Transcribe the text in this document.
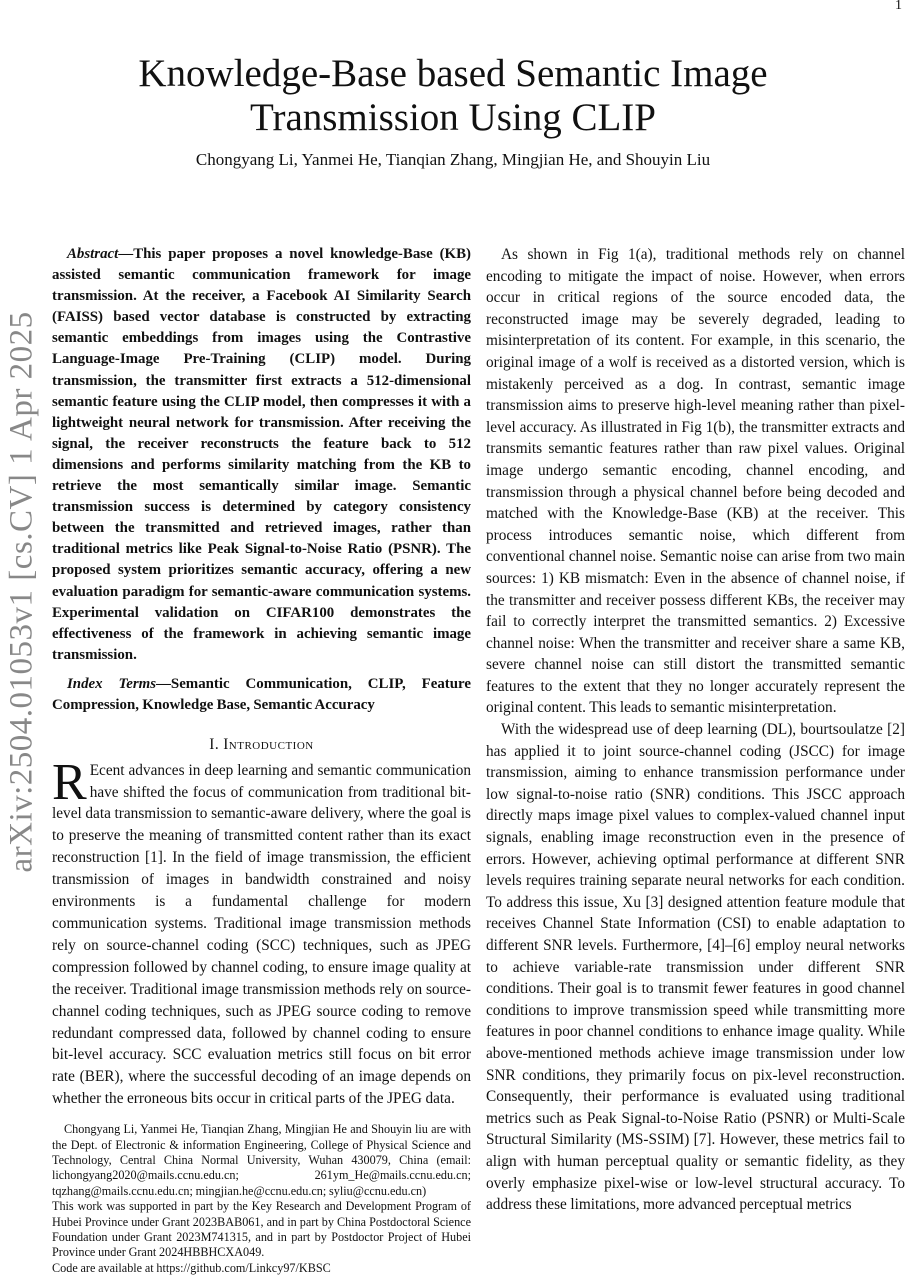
1
arXiv:2504.01053v1 [cs.CV] 1 Apr 2025
Knowledge-Base based Semantic Image
Transmission Using CLIP
Chongyang Li, Yanmei He, Tianqian Zhang, Mingjian He, and Shouyin Liu

Abstract—This paper proposes a novel knowledge-Base (KB) assisted semantic communication framework for image transmission. At the receiver, a Facebook AI Similarity Search (FAISS) based vector database is constructed by extracting semantic embeddings from images using the Contrastive Language-Image Pre-Training (CLIP) model. During transmission, the transmitter first extracts a 512-dimensional semantic feature using the CLIP model, then compresses it with a lightweight neural network for transmission. After receiving the signal, the receiver reconstructs the feature back to 512 dimensions and performs similarity matching from the KB to retrieve the most semantically similar image. Semantic transmission success is determined by category consistency between the transmitted and retrieved images, rather than traditional metrics like Peak Signal-to-Noise Ratio (PSNR). The proposed system prioritizes semantic accuracy, offering a new evaluation paradigm for semantic-aware communication systems. Experimental validation on CIFAR100 demonstrates the effectiveness of the framework in achieving semantic image transmission.

Index Terms—Semantic Communication, CLIP, Feature Compression, Knowledge Base, Semantic Accuracy

I. Introduction

R Ecent advances in deep learning and semantic communication have shifted the focus of communication from traditional bit-level data transmission to semantic-aware delivery, where the goal is to preserve the meaning of transmitted content rather than its exact reconstruction [1]. In the field of image transmission, the efficient transmission of images in bandwidth constrained and noisy environments is a fundamental challenge for modern communication systems. Traditional image transmission methods rely on source-channel coding (SCC) techniques, such as JPEG compression followed by channel coding, to ensure image quality at the receiver. Traditional image transmission methods rely on source-channel coding techniques, such as JPEG source coding to remove redundant compressed data, followed by channel coding to ensure bit-level accuracy. SCC evaluation metrics still focus on bit error rate (BER), where the successful decoding of an image depends on whether the erroneous bits occur in critical parts of the JPEG data.

Chongyang Li, Yanmei He, Tianqian Zhang, Mingjian He and Shouyin liu are with the Dept. of Electronic & information Engineering, College of Physical Science and Technology, Central China Normal University, Wuhan 430079, China (email: lichongyang2020@mails.ccnu.edu.cn; 261ym_He@mails.ccnu.edu.cn; tqzhang@mails.ccnu.edu.cn; mingjian.he@ccnu.edu.cn; syliu@ccnu.edu.cn)

This work was supported in part by the Key Research and Development Program of Hubei Province under Grant 2023BAB061, and in part by China Postdoctoral Science Foundation under Grant 2023M741315, and in part by Postdoctor Project of Hubei Province under Grant 2024HBBHCXA049.

Code are available at https://github.com/Linkcy97/KBSC

As shown in Fig 1(a), traditional methods rely on channel encoding to mitigate the impact of noise. However, when errors occur in critical regions of the source encoded data, the reconstructed image may be severely degraded, leading to misinterpretation of its content. For example, in this scenario, the original image of a wolf is received as a distorted version, which is mistakenly perceived as a dog. In contrast, semantic image transmission aims to preserve high-level meaning rather than pixel-level accuracy. As illustrated in Fig 1(b), the transmitter extracts and transmits semantic features rather than raw pixel values. Original image undergo semantic encoding, channel encoding, and transmission through a physical channel before being decoded and matched with the Knowledge-Base (KB) at the receiver. This process introduces semantic noise, which different from conventional channel noise. Semantic noise can arise from two main sources: 1) KB mismatch: Even in the absence of channel noise, if the transmitter and receiver possess different KBs, the receiver may fail to correctly interpret the transmitted semantics. 2) Excessive channel noise: When the transmitter and receiver share a same KB, severe channel noise can still distort the transmitted semantic features to the extent that they no longer accurately represent the original content. This leads to semantic misinterpretation.

With the widespread use of deep learning (DL), bourtsoulatze [2] has applied it to joint source-channel coding (JSCC) for image transmission, aiming to enhance transmission performance under low signal-to-noise ratio (SNR) conditions. This JSCC approach directly maps image pixel values to complex-valued channel input signals, enabling image reconstruction even in the presence of errors. However, achieving optimal performance at different SNR levels requires training separate neural networks for each condition. To address this issue, Xu [3] designed attention feature module that receives Channel State Information (CSI) to enable adaptation to different SNR levels. Furthermore, [4]–[6] employ neural networks to achieve variable-rate transmission under different SNR conditions. Their goal is to transmit fewer features in good channel conditions to improve transmission speed while transmitting more features in poor channel conditions to enhance image quality. While above-mentioned methods achieve image transmission under low SNR conditions, they primarily focus on pix-level reconstruction. Consequently, their performance is evaluated using traditional metrics such as Peak Signal-to-Noise Ratio (PSNR) or Multi-Scale Structural Similarity (MS-SSIM) [7]. However, these metrics fail to align with human perceptual quality or semantic fidelity, as they overly emphasize pixel-wise or low-level structural accuracy. To address these limitations, more advanced perceptual metrics
